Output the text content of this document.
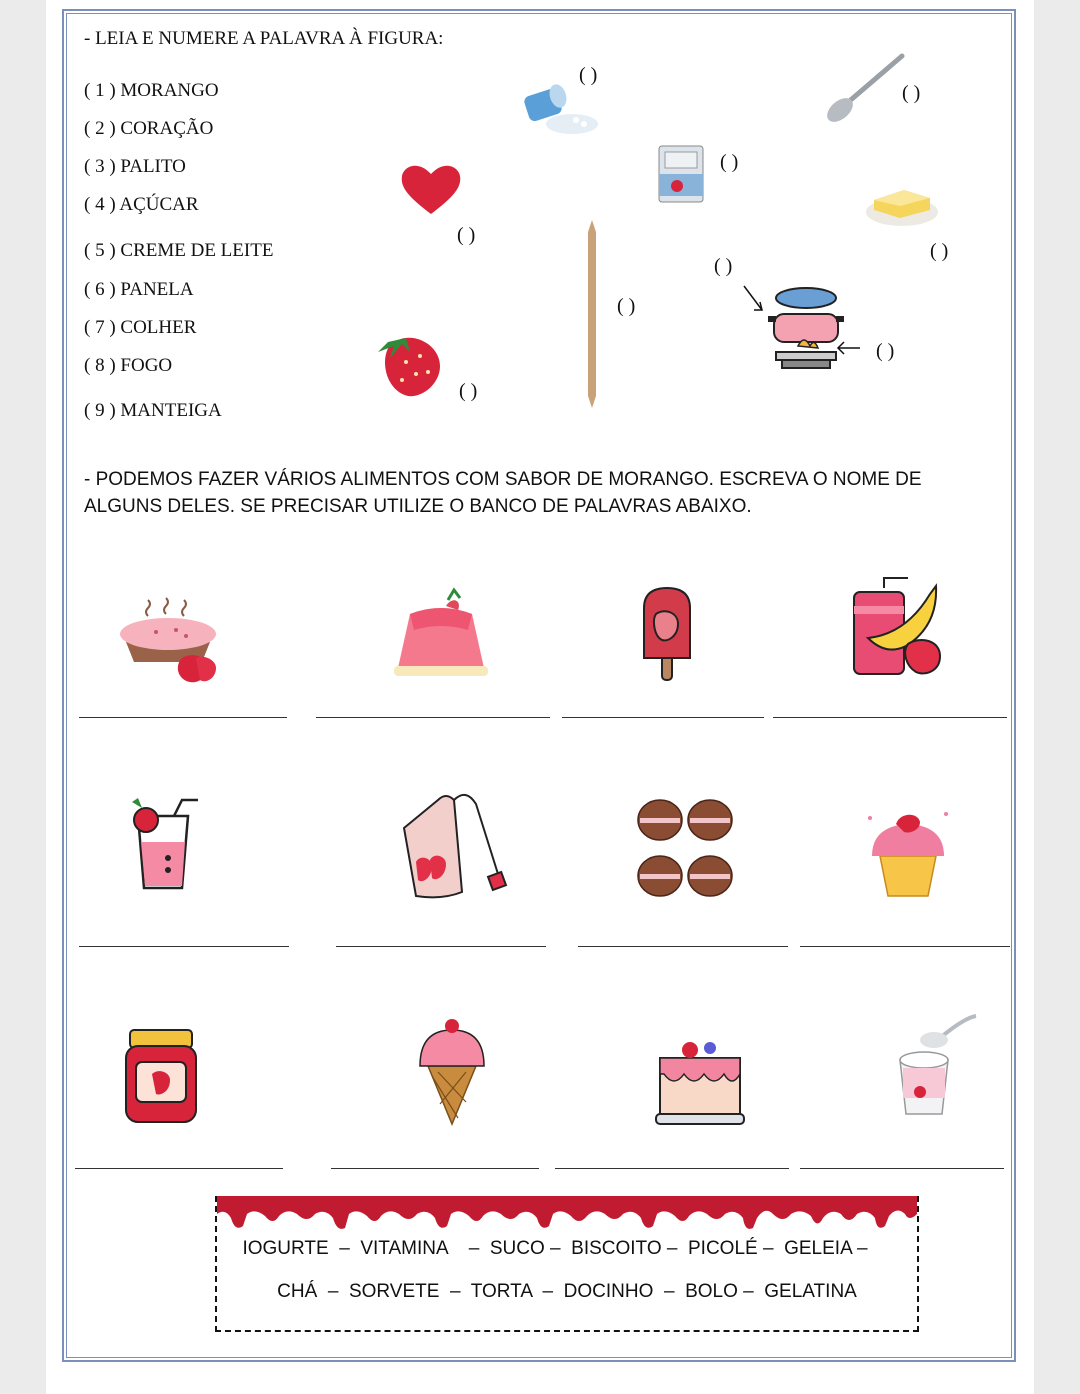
- LEIA E NUMERE A PALAVRA À FIGURA:
( 1 ) MORANGO
( 2 ) CORAÇÃO
( 3 ) PALITO
( 4 ) AÇÚCAR
( 5 ) CREME DE LEITE
( 6 ) PANELA
( 7 ) COLHER
( 8 ) FOGO
( 9 ) MANTEIGA
( )
( )
( )
( )
( )
( )
( )
( )
( )
- PODEMOS FAZER VÁRIOS ALIMENTOS COM SABOR DE MORANGO. ESCREVA O NOME DE ALGUNS DELES. SE PRECISAR UTILIZE O BANCO DE PALAVRAS ABAIXO.
IOGURTE  –  VITAMINA    –  SUCO –  BISCOITO –  PICOLÉ –  GELEIA –
CHÁ  –  SORVETE  –  TORTA  –  DOCINHO  –  BOLO –  GELATINA
